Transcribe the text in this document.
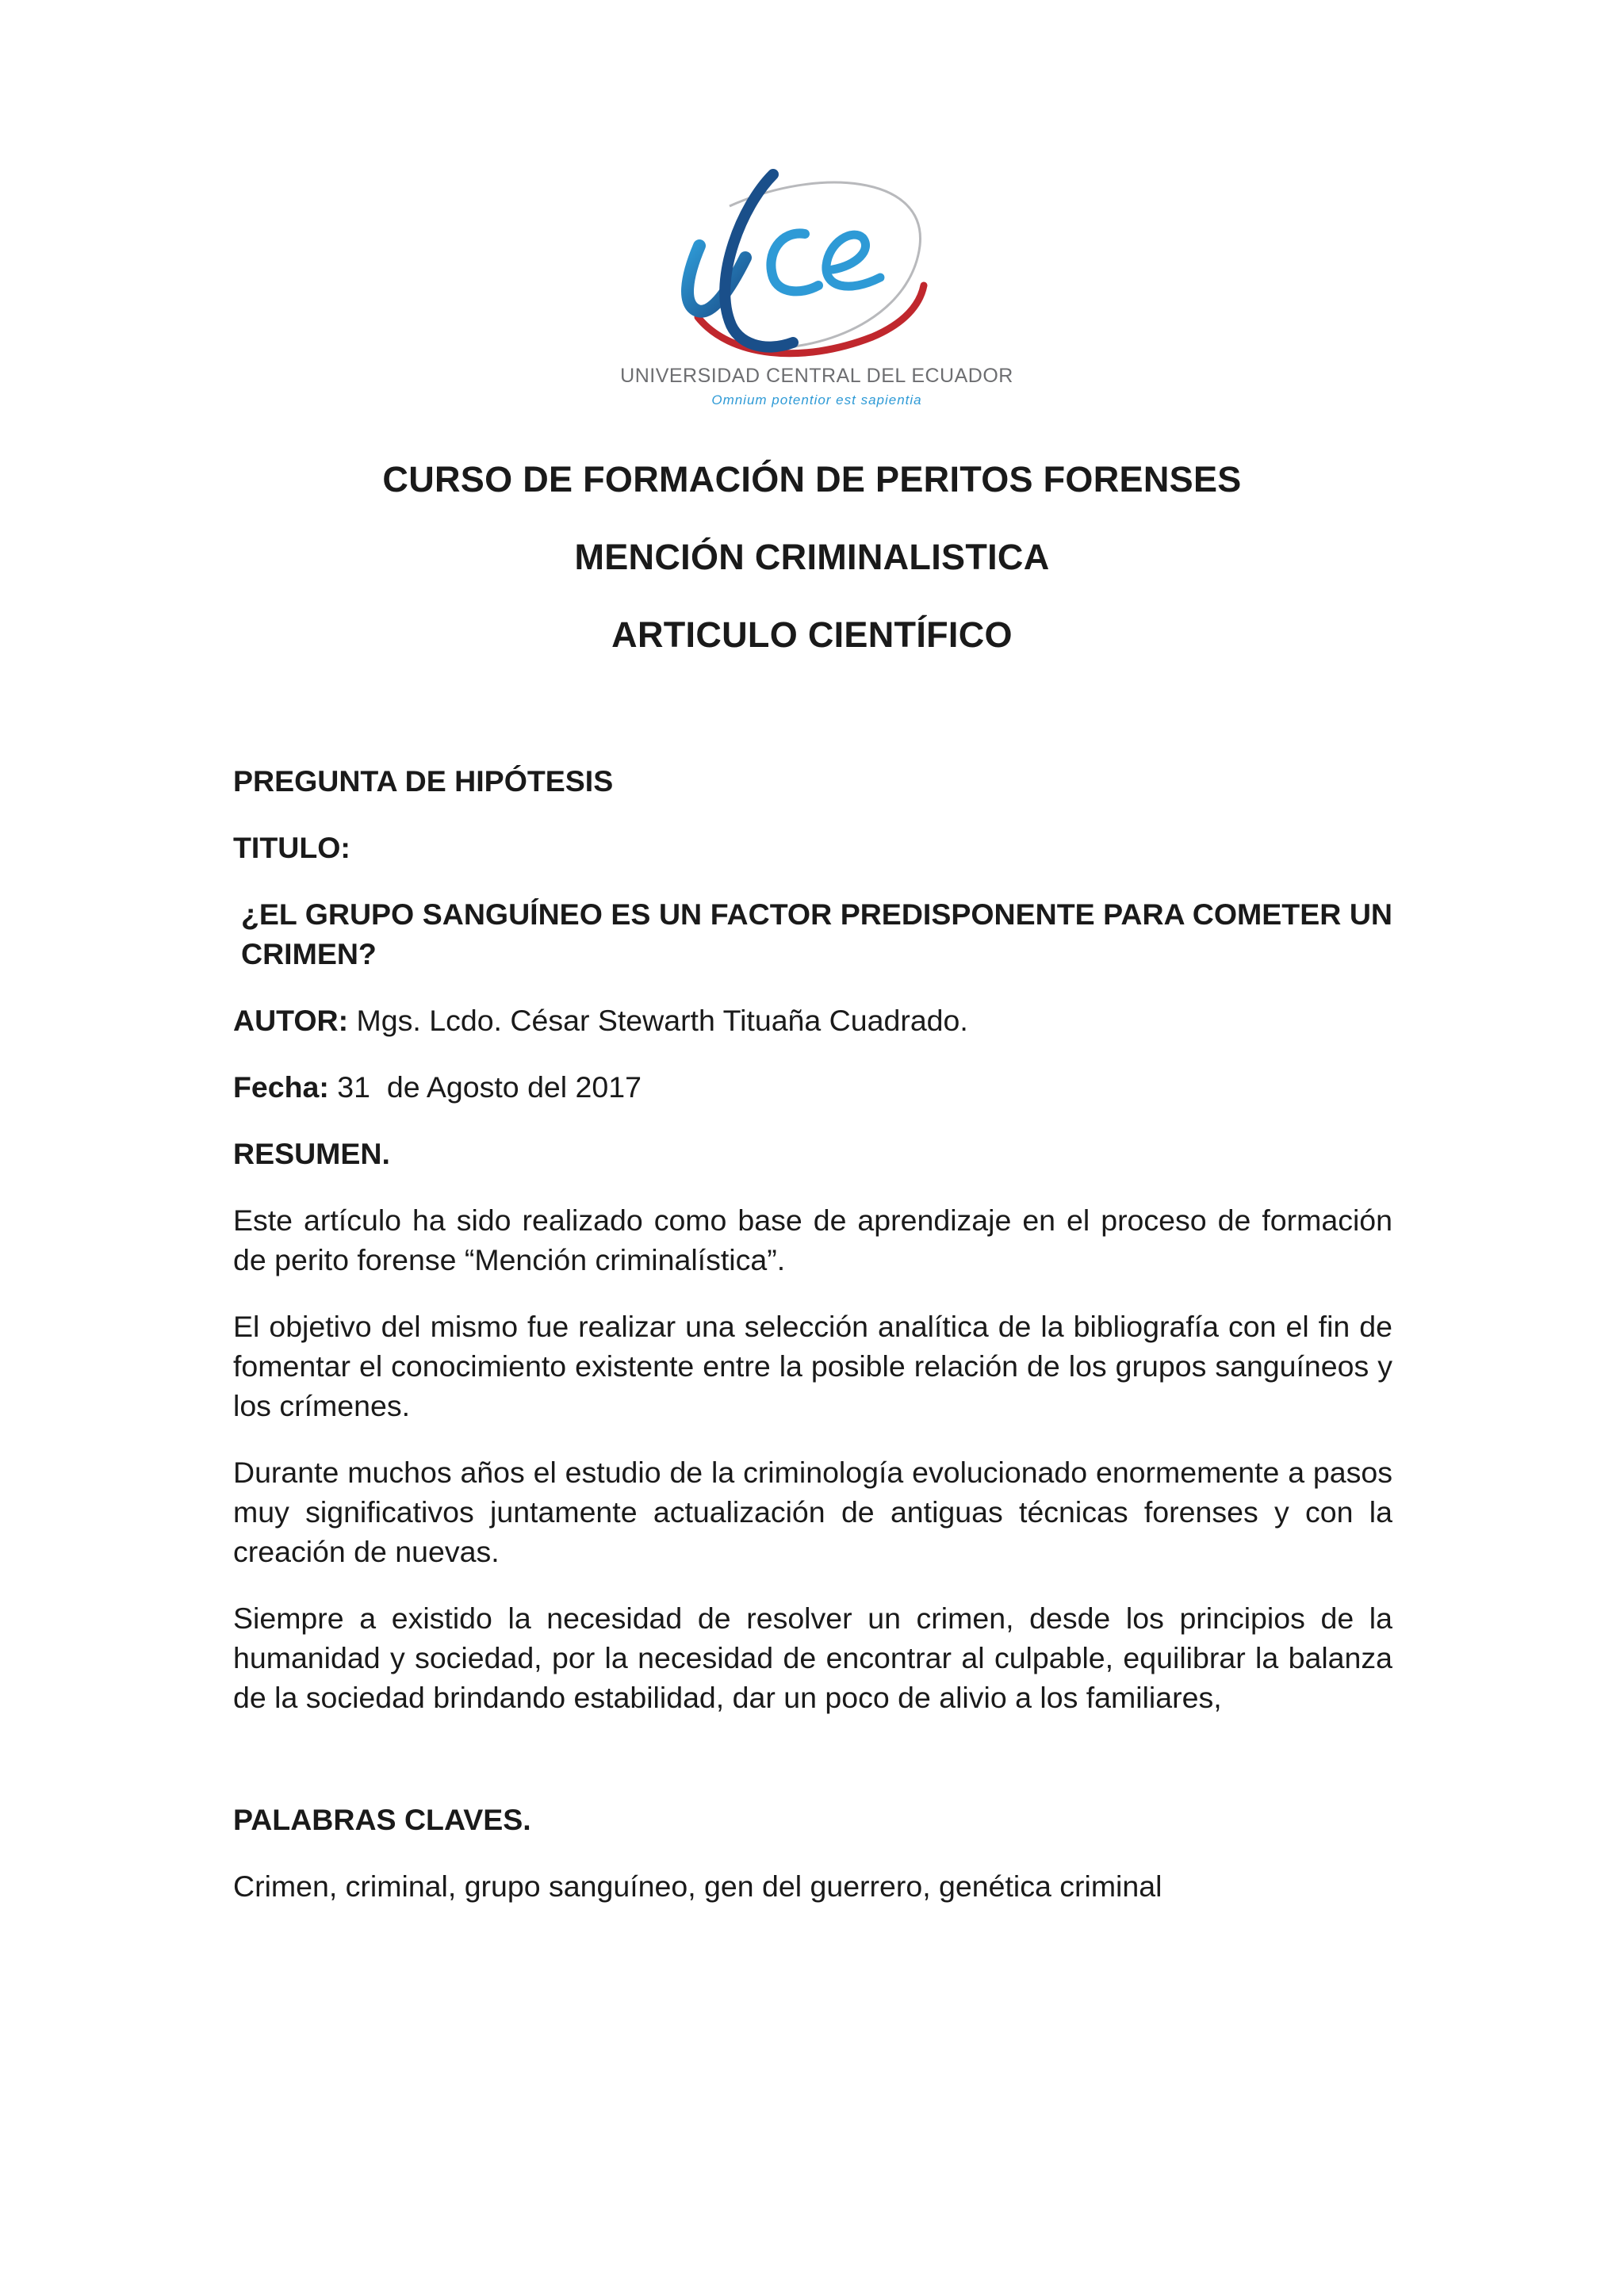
UNIVERSIDAD CENTRAL DEL ECUADOR
Omnium potentior est sapientia
CURSO DE FORMACIÓN DE PERITOS FORENSES
MENCIÓN CRIMINALISTICA
ARTICULO CIENTÍFICO

PREGUNTA DE HIPÓTESIS

TITULO:

¿EL GRUPO SANGUÍNEO ES UN FACTOR PREDISPONENTE PARA COMETER UN CRIMEN?

AUTOR: Mgs. Lcdo. César Stewarth Tituaña Cuadrado.

Fecha: 31  de Agosto del 2017

RESUMEN.

Este artículo ha sido realizado como base de aprendizaje en el proceso de formación de perito forense “Mención criminalística”.

El objetivo del mismo fue realizar una selección analítica de la bibliografía con el fin de fomentar el conocimiento existente entre la posible relación de los grupos sanguíneos y los crímenes.

Durante muchos años el estudio de la criminología evolucionado enormemente a pasos muy significativos juntamente actualización de antiguas técnicas forenses y con la creación de nuevas.

Siempre a existido la necesidad de resolver un crimen, desde los principios de la humanidad y sociedad, por la necesidad de encontrar al culpable, equilibrar la balanza de la sociedad brindando estabilidad, dar un poco de alivio a los familiares,

PALABRAS CLAVES.

Crimen, criminal, grupo sanguíneo, gen del guerrero, genética criminal
